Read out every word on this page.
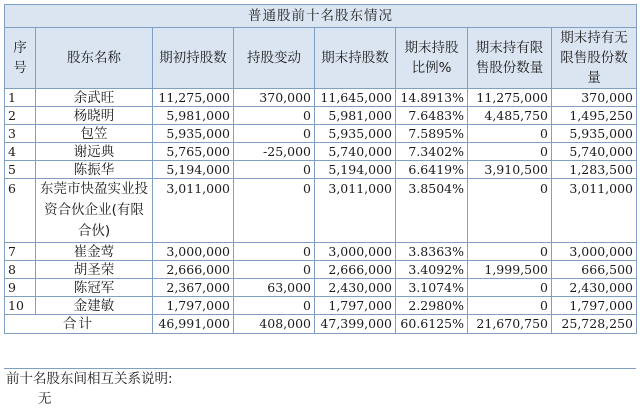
普通股前十名股东情况							
序号	股东名称	期初持股数	持股变动	期末持股数	期末持股比例%	期末持有限售股份数量	期末持有无限售股份数量
1	余武旺	11,275,000	370,000	11,645,000	14.8913%	11,275,000	370,000
2	杨晓明	5,981,000	0	5,981,000	7.6483%	4,485,750	1,495,250
3	包笠	5,935,000	0	5,935,000	7.5895%	0	5,935,000
4	谢远典	5,765,000	-25,000	5,740,000	7.3402%	0	5,740,000
5	陈振华	5,194,000	0	5,194,000	6.6419%	3,910,500	1,283,500
6	东莞市快盈实业投资合伙企业(有限合伙)	3,011,000	0	3,011,000	3.8504%	0	3,011,000
7	崔金莺	3,000,000	0	3,000,000	3.8363%	0	3,000,000
8	胡圣荣	2,666,000	0	2,666,000	3.4092%	1,999,500	666,500
9	陈冠军	2,367,000	63,000	2,430,000	3.1074%	0	2,430,000
10	金建敏	1,797,000	0	1,797,000	2.2980%	0	1,797,000
合计		46,991,000	408,000	47,399,000	60.6125%	21,670,750	25,728,250
前十名股东间相互关系说明:
无
